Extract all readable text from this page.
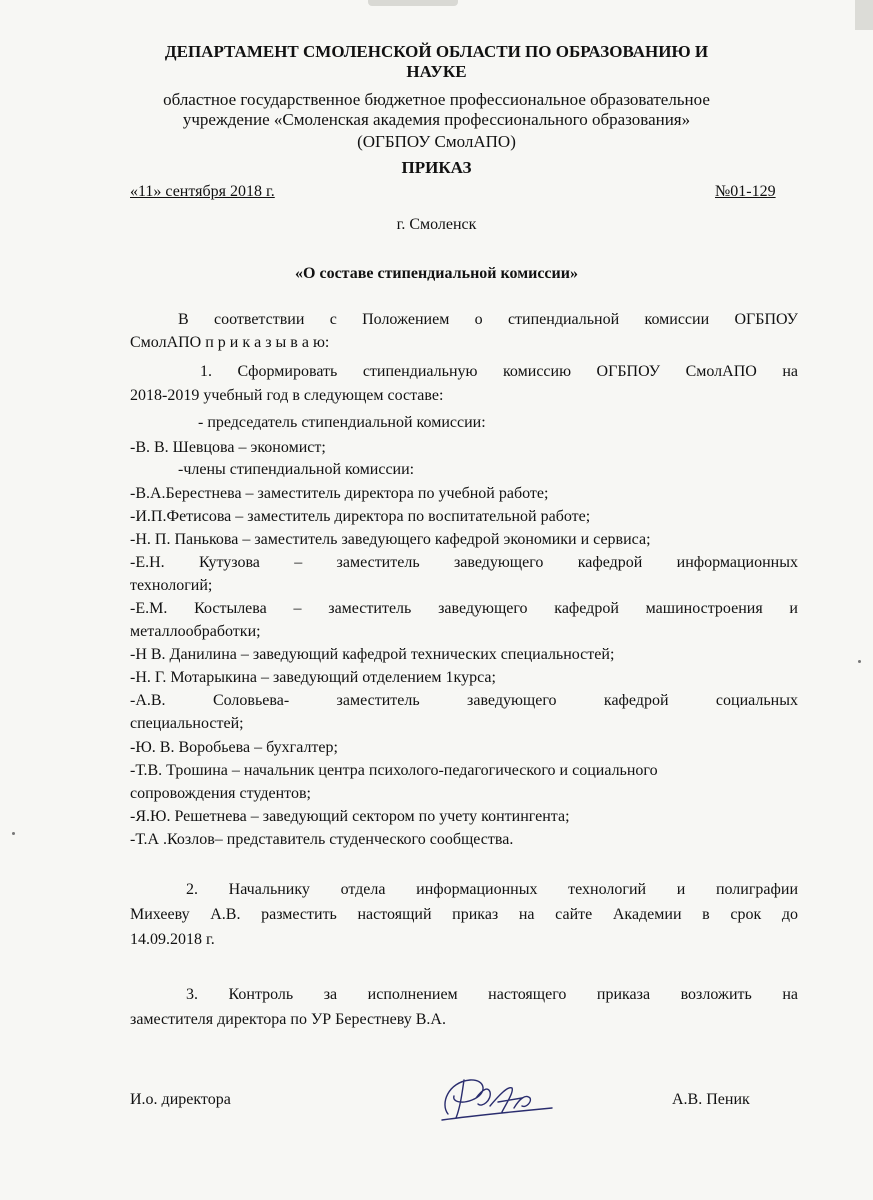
ДЕПАРТАМЕНТ СМОЛЕНСКОЙ ОБЛАСТИ ПО ОБРАЗОВАНИЮ И
НАУКЕ
областное государственное бюджетное профессиональное образовательное
учреждение «Смоленская академия профессионального образования»
(ОГБПОУ СмолАПО)
ПРИКАЗ
«11» сентября 2018 г.	№01-129
г. Смоленск
«О составе стипендиальной комиссии»
В соответствии с Положением о стипендиальной комиссии ОГБПОУ
СмолАПО п р и к а з ы в а ю:
1. Сформировать стипендиальную комиссию ОГБПОУ СмолАПО на
2018-2019 учебный год в следующем составе:
- председатель стипендиальной комиссии:
-В. В. Шевцова – экономист;
-члены стипендиальной комиссии:
-В.А.Берестнева – заместитель директора по учебной работе;
-И.П.Фетисова – заместитель директора по воспитательной работе;
-Н. П. Панькова – заместитель заведующего кафедрой экономики и сервиса;
-Е.Н. Кутузова – заместитель заведующего кафедрой информационных
технологий;
-Е.М. Костылева – заместитель заведующего кафедрой машиностроения и
металлообработки;
-Н В. Данилина – заведующий кафедрой технических специальностей;
-Н. Г. Мотарыкина – заведующий отделением 1курса;
-А.В. Соловьева- заместитель заведующего кафедрой социальных
специальностей;
-Ю. В. Воробьева – бухгалтер;
-Т.В. Трошина – начальник центра психолого-педагогического и социального
сопровождения студентов;
-Я.Ю. Решетнева – заведующий сектором по учету контингента;
-Т.А .Козлов– представитель студенческого сообщества.
2. Начальнику отдела информационных технологий и полиграфии
Михееву А.В. разместить настоящий приказ на сайте Академии в срок до
14.09.2018 г.
3. Контроль за исполнением настоящего приказа возложить на
заместителя директора по УР Берестневу В.А.
И.о. директора	А.В. Пеник
